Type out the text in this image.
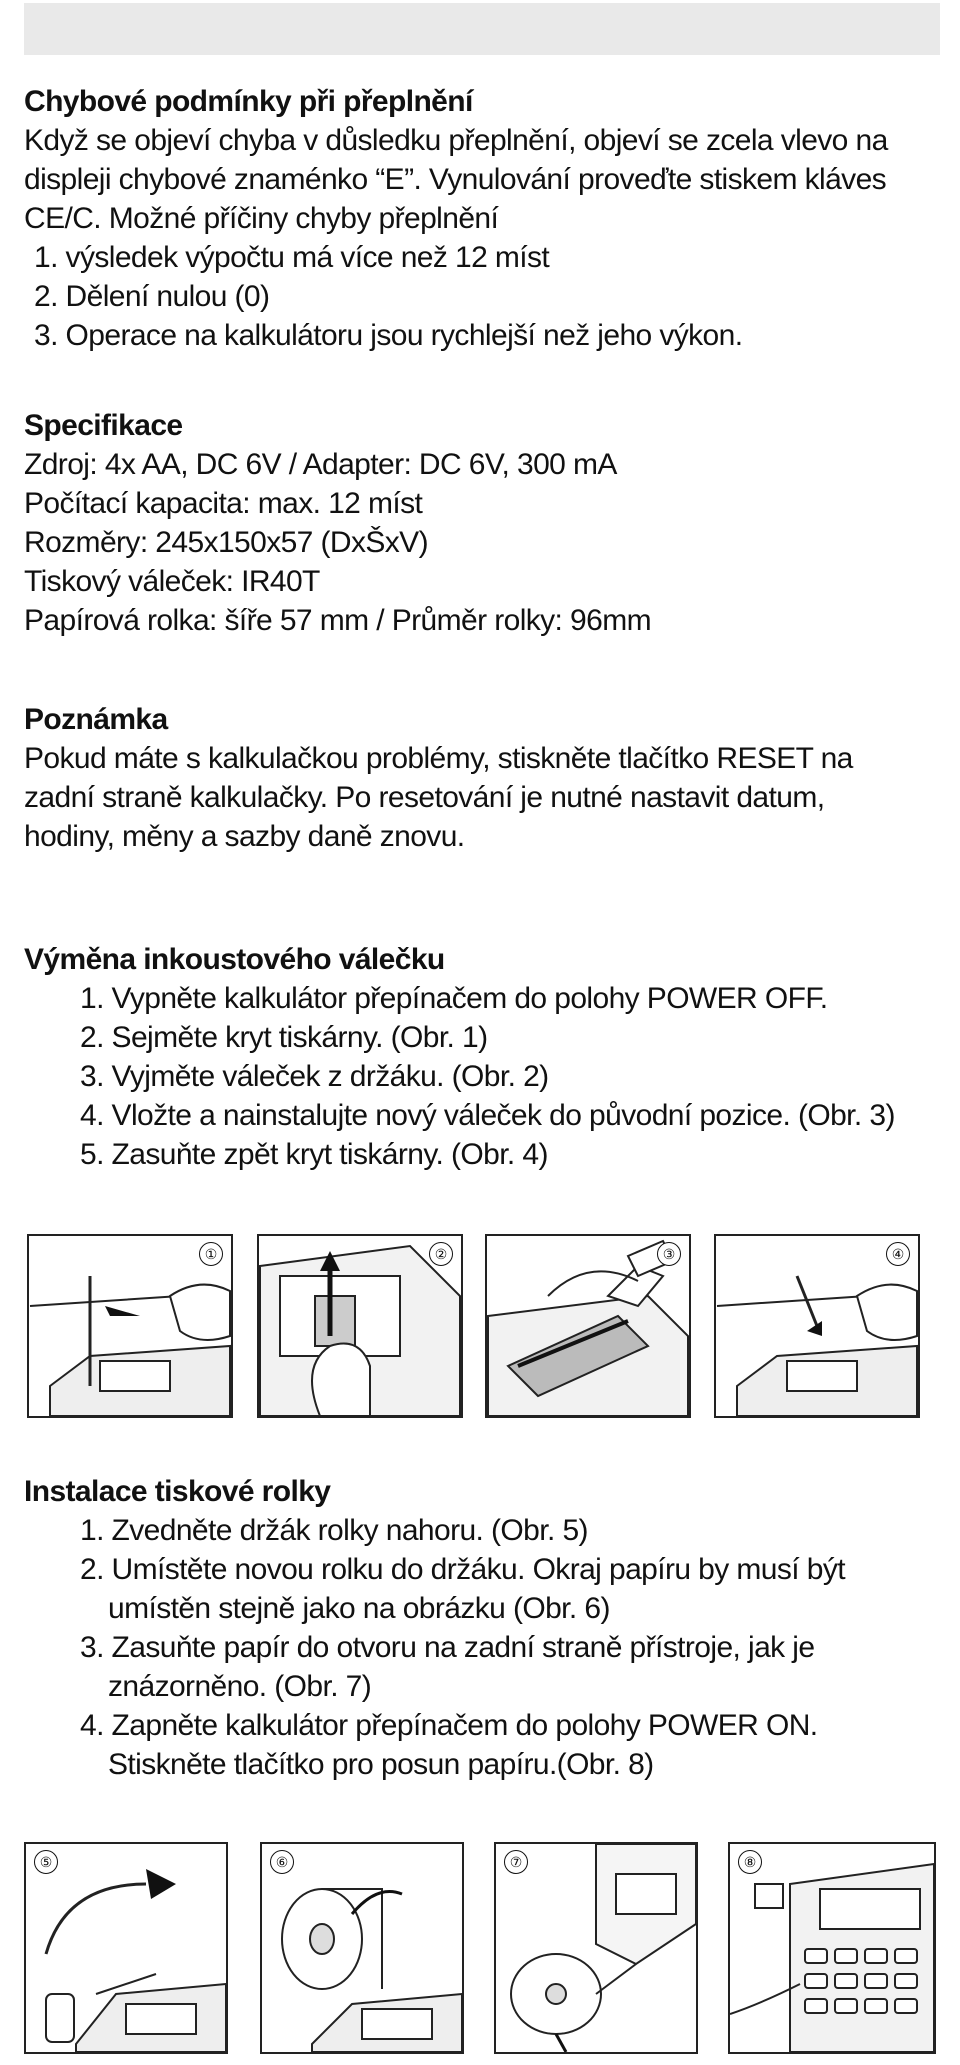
Chybové podmínky při přeplnění
Když se objeví chyba v důsledku přeplnění, objeví se zcela vlevo na
displeji chybové znaménko “E”. Vynulování proveďte stiskem kláves
CE/C. Možné příčiny chyby přeplnění
1. výsledek výpočtu má více než 12 míst
2. Dělení nulou (0)
3. Operace na kalkulátoru jsou rychlejší než jeho výkon.
Specifikace
Zdroj: 4x AA, DC 6V / Adapter: DC 6V, 300 mA
Počítací kapacita: max. 12 míst
Rozměry: 245x150x57 (DxŠxV)
Tiskový váleček: IR40T
Papírová rolka: šíře 57 mm / Průměr rolky: 96mm
Poznámka
Pokud máte s kalkulačkou problémy, stiskněte tlačítko RESET na
zadní straně kalkulačky. Po resetování je nutné nastavit datum,
hodiny, měny a sazby daně znovu.
Výměna inkoustového válečku
1. Vypněte kalkulátor přepínačem do polohy POWER OFF.
2. Sejměte kryt tiskárny. (Obr. 1)
3. Vyjměte váleček z držáku. (Obr. 2)
4. Vložte a nainstalujte nový váleček do původní pozice. (Obr. 3)
5. Zasuňte zpět kryt tiskárny. (Obr. 4)
①	②	③	④
Instalace tiskové rolky
1. Zvedněte držák rolky nahoru. (Obr. 5)
2. Umístěte novou rolku do držáku. Okraj papíru by musí být
umístěn stejně jako na obrázku (Obr. 6)
3. Zasuňte papír do otvoru na zadní straně přístroje, jak je
znázorněno. (Obr. 7)
4. Zapněte kalkulátor přepínačem do polohy POWER ON.
Stiskněte tlačítko pro posun papíru.(Obr. 8)
⑤	⑥	⑦	⑧
